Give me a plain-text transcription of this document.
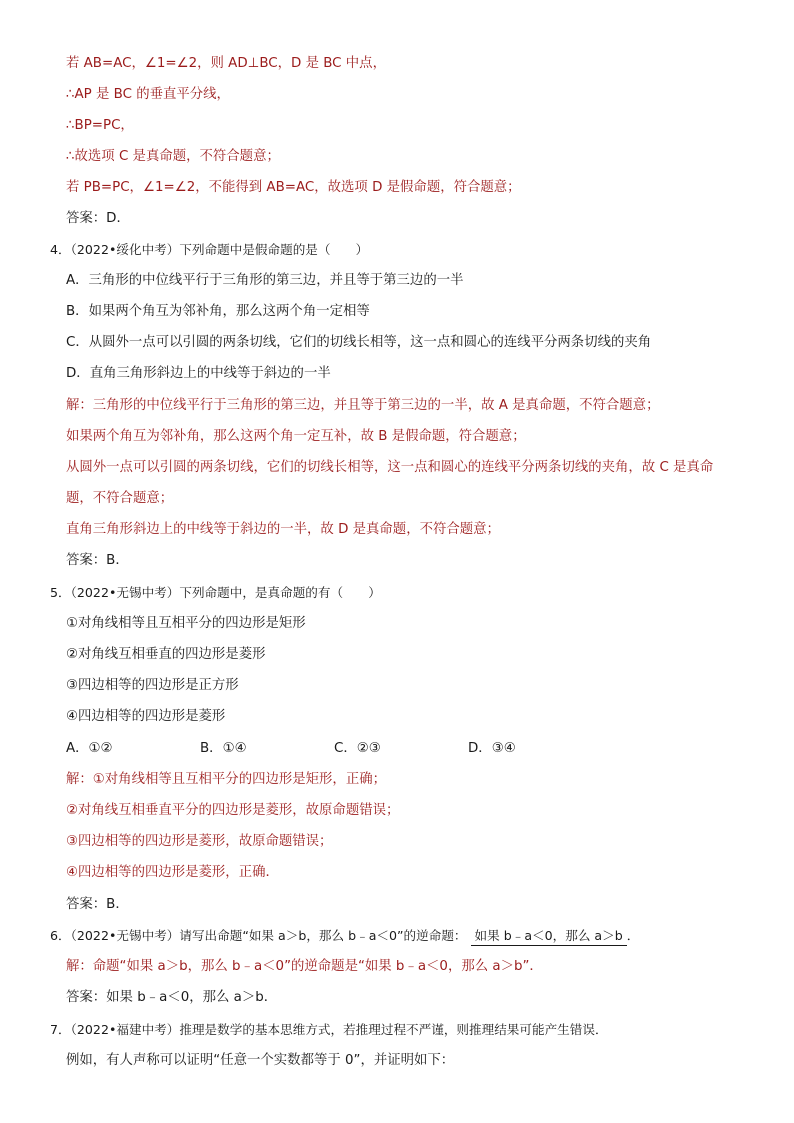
若 AB=AC，∠1=∠2，则 AD⊥BC，D 是 BC 中点，
∴AP 是 BC 的垂直平分线，
∴BP=PC，
∴故选项 C 是真命题，不符合题意；
若 PB=PC，∠1=∠2，不能得到 AB=AC，故选项 D 是假命题，符合题意；
答案：D．
4．（2022•绥化中考）下列命题中是假命题的是（　　）
A．三角形的中位线平行于三角形的第三边，并且等于第三边的一半
B．如果两个角互为邻补角，那么这两个角一定相等
C．从圆外一点可以引圆的两条切线，它们的切线长相等，这一点和圆心的连线平分两条切线的夹角
D．直角三角形斜边上的中线等于斜边的一半
解：三角形的中位线平行于三角形的第三边，并且等于第三边的一半，故 A 是真命题，不符合题意；
如果两个角互为邻补角，那么这两个角一定互补，故 B 是假命题，符合题意；
从圆外一点可以引圆的两条切线，它们的切线长相等，这一点和圆心的连线平分两条切线的夹角，故 C 是真命
题，不符合题意；
直角三角形斜边上的中线等于斜边的一半，故 D 是真命题，不符合题意；
答案：B．
5．（2022•无锡中考）下列命题中，是真命题的有（　　）
①对角线相等且互相平分的四边形是矩形
②对角线互相垂直的四边形是菱形
③四边相等的四边形是正方形
④四边相等的四边形是菱形
A．①②	B．①④	C．②③	D．③④
解：①对角线相等且互相平分的四边形是矩形，正确；
②对角线互相垂直平分的四边形是菱形，故原命题错误；
③四边相等的四边形是菱形，故原命题错误；
④四边相等的四边形是菱形，正确．
答案：B．
6．（2022•无锡中考）请写出命题“如果 a＞b，那么 b﹣a＜0”的逆命题： 如果 b﹣a＜0，那么 a＞b ．
解：命题“如果 a＞b，那么 b﹣a＜0”的逆命题是“如果 b﹣a＜0，那么 a＞b”．
答案：如果 b﹣a＜0，那么 a＞b．
7．（2022•福建中考）推理是数学的基本思维方式，若推理过程不严谨，则推理结果可能产生错误．
例如，有人声称可以证明“任意一个实数都等于 0”，并证明如下：
